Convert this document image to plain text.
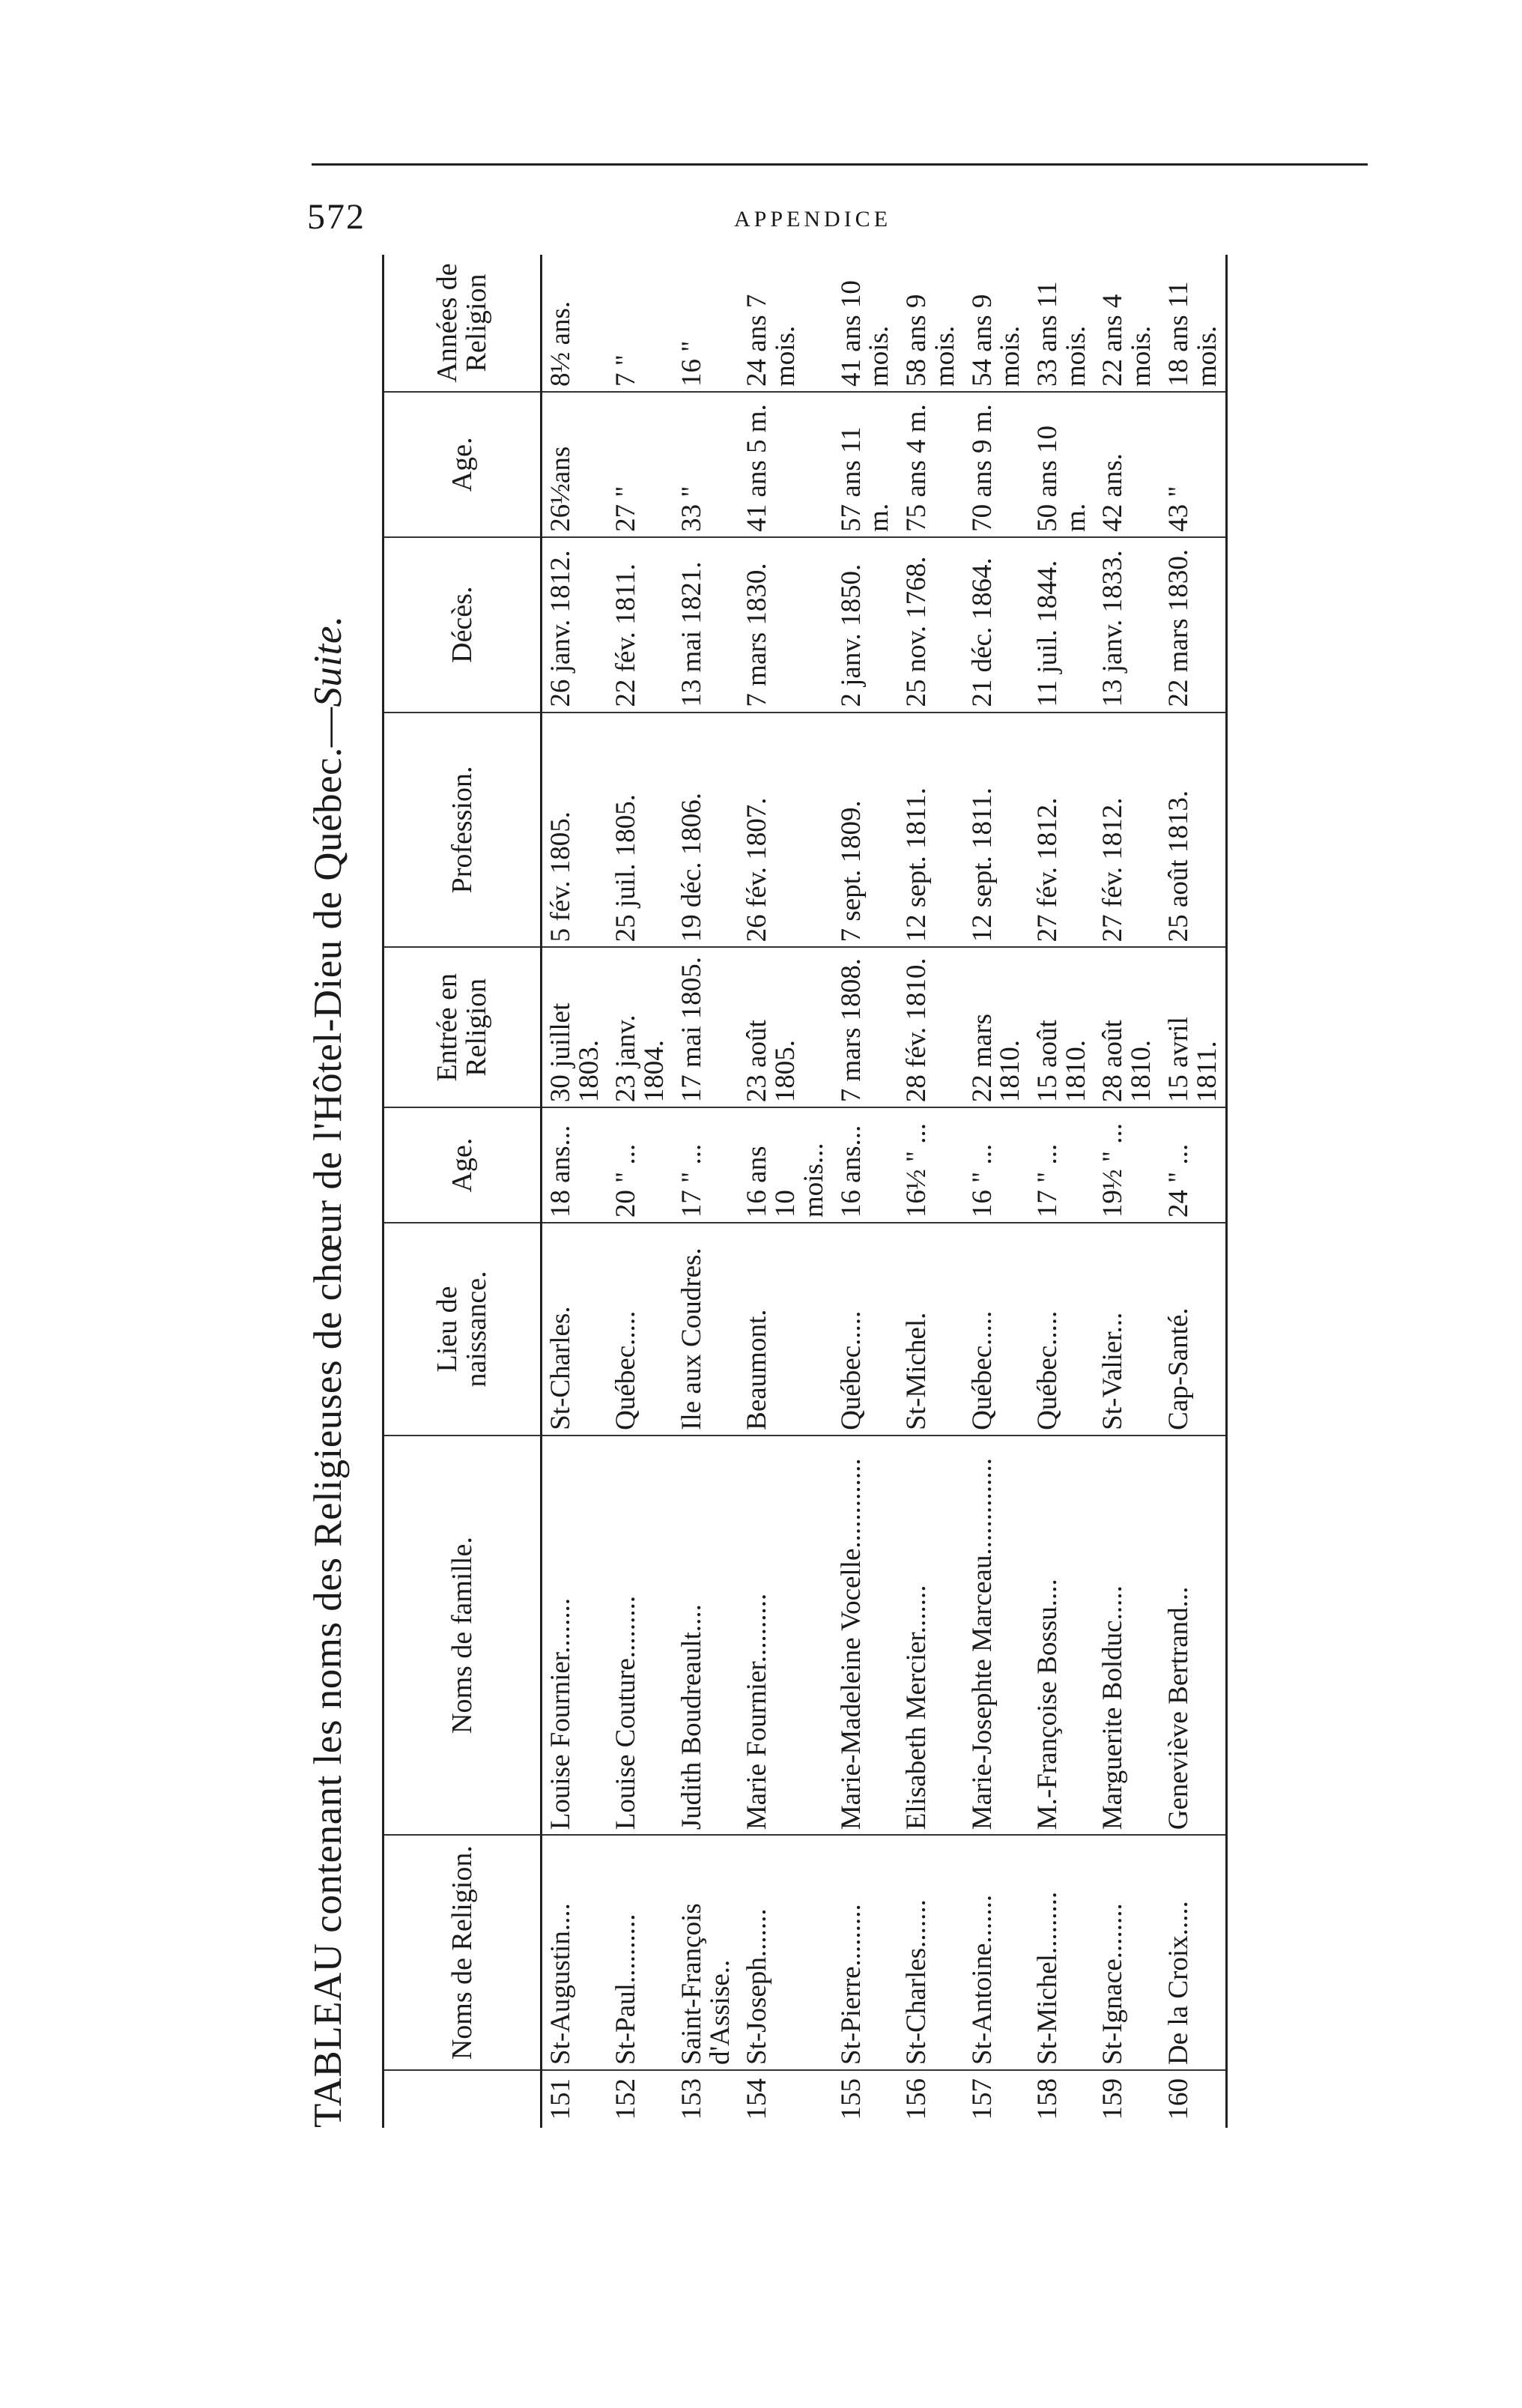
572	APPENDICE
TABLEAU contenant les noms des Religieuses de chœur de l'Hôtel-Dieu de Québec.—Suite.
	Noms de Religion.	Noms de famille.	Lieu de naissance.	Age.	Entrée en Religion	Profession.	Décès.	Age.	Années de Religion
151	St-Augustin....	Louise Fournier........	St-Charles.	18 ans...	30 juillet 1803.	5 fév. 1805.	26 janv. 1812.	26½ans	8½ ans.
152	St-Paul..........	Louise Couture.........	Québec.....	20 " ...	23 janv. 1804.	25 juil. 1805.	22 fév. 1811.	27 "	7 "
153	Saint-François d'Assise..	Judith Boudreault....	Ile aux Coudres.	17 " ...	17 mai 1805.	19 déc. 1806.	13 mai 1821.	33 "	16 "
154	St-Joseph.......	Marie Fournier..........	Beaumont.	16 ans 10 mois...	23 août 1805.	26 fév. 1807.	7 mars 1830.	41 ans 5 m.	24 ans 7 mois.
155	St-Pierre.........	Marie-Madeleine Vocelle.............	Québec.....	16 ans...	7 mars 1808.	7 sept. 1809.	2 janv. 1850.	57 ans 11 m.	41 ans 10 mois.
156	St-Charles.......	Elisabeth Mercier.......	St-Michel.	16½ " ...	28 fév. 1810.	12 sept. 1811.	25 nov. 1768.	75 ans 4 m.	58 ans 9 mois.
157	St-Antoine.......	Marie-Josephte Marceau..............	Québec.....	16 " ...	22 mars 1810.	12 sept. 1811.	21 déc. 1864.	70 ans 9 m.	54 ans 9 mois.
158	St-Michel.........	M.-Françoise Bossu....	Québec.....	17 " ...	15 août 1810.	27 fév. 1812.	11 juil. 1844.	50 ans 10 m.	33 ans 11 mois.
159	St-Ignace........	Marguerite Bolduc.....	St-Valier...	19½ " ...	28 août 1810.	27 fév. 1812.	13 janv. 1833.	42 ans.	22 ans 4 mois.
160	De la Croix.....	Geneviève Bertrand...	Cap-Santé.	24 " ...	15 avril 1811.	25 août 1813.	22 mars 1830.	43 "	18 ans 11 mois.
